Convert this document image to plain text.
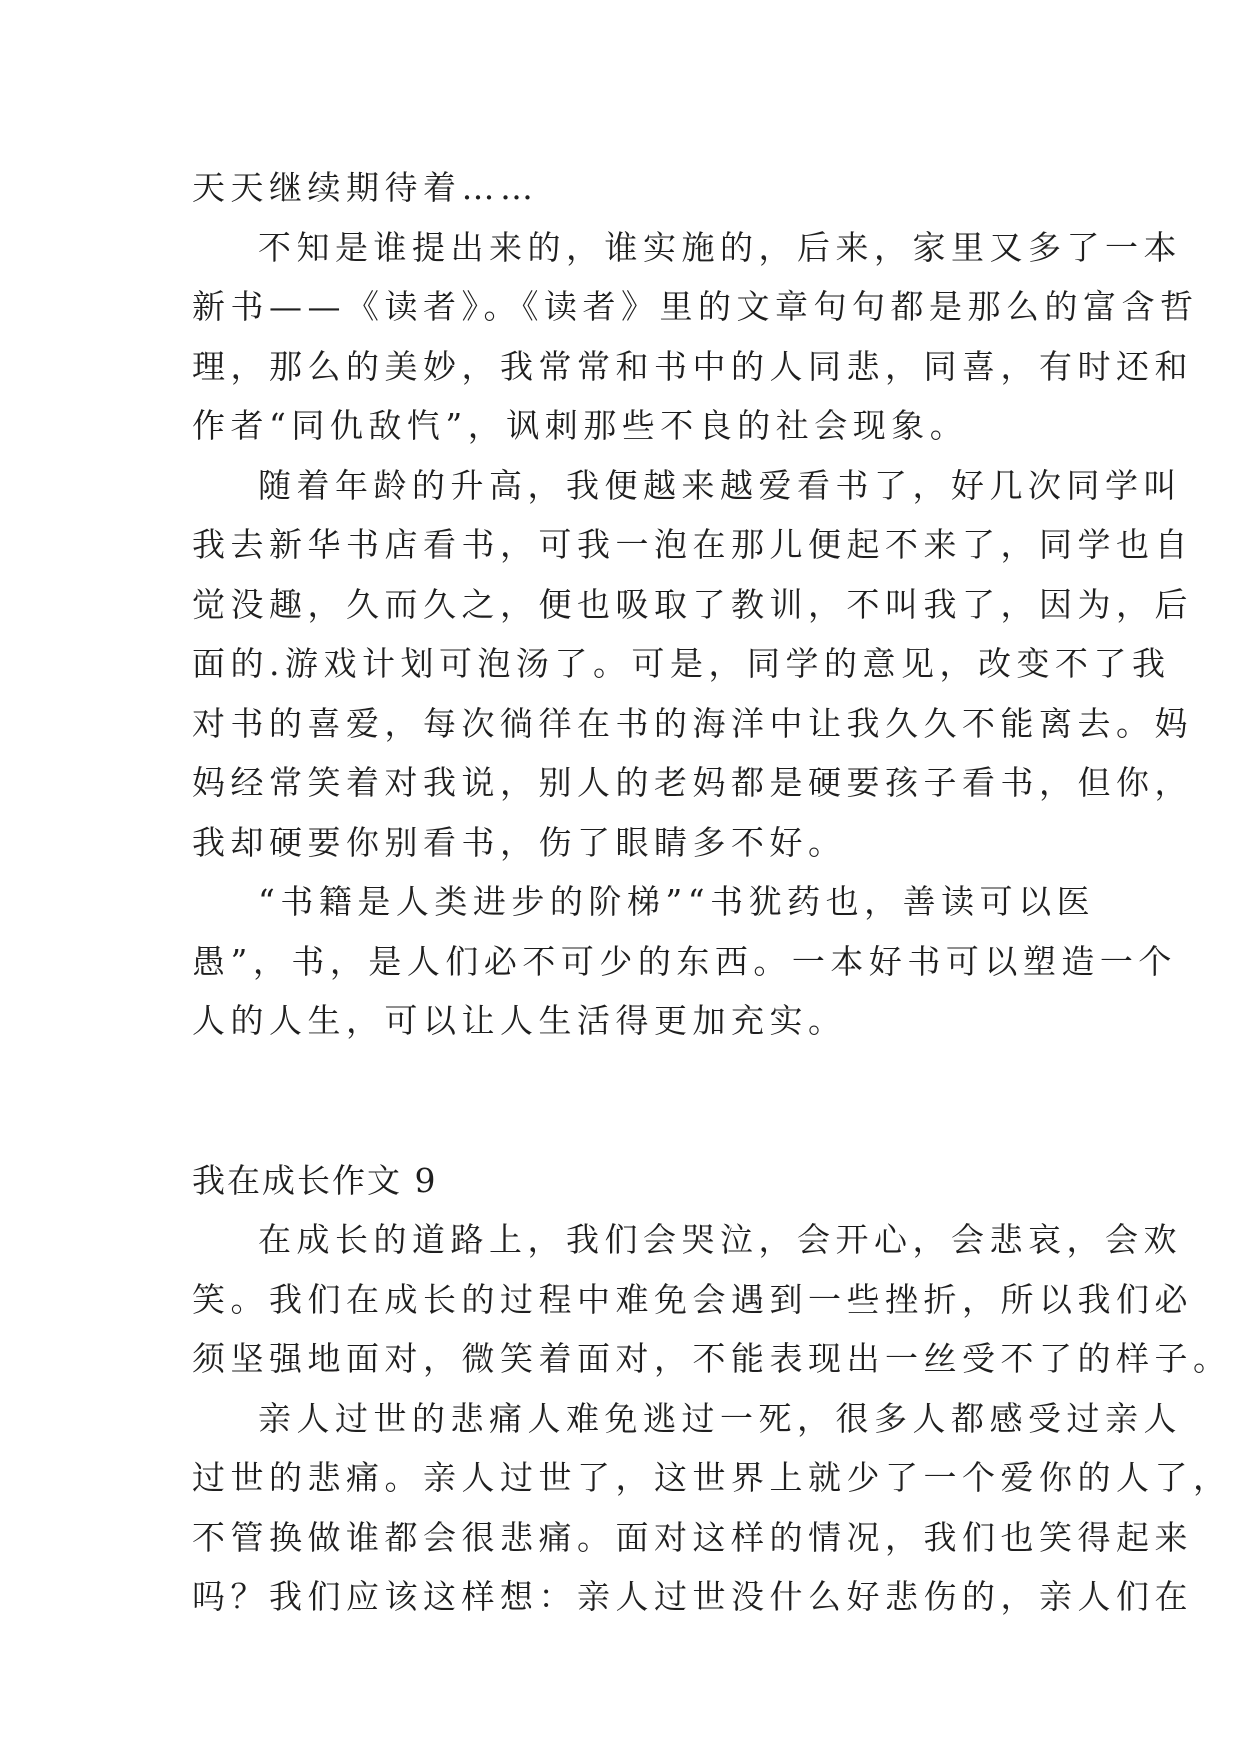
天天继续期待着……
不知是谁提出来的，谁实施的，后来，家里又多了一本
新书——《读者》。《读者》里的文章句句都是那么的富含哲
理，那么的美妙，我常常和书中的人同悲，同喜，有时还和
作者“同仇敌忾”，讽刺那些不良的社会现象。
随着年龄的升高，我便越来越爱看书了，好几次同学叫
我去新华书店看书，可我一泡在那儿便起不来了，同学也自
觉没趣，久而久之，便也吸取了教训，不叫我了，因为，后
面的.游戏计划可泡汤了。可是，同学的意见，改变不了我
对书的喜爱，每次徜徉在书的海洋中让我久久不能离去。妈
妈经常笑着对我说，别人的老妈都是硬要孩子看书，但你，
我却硬要你别看书，伤了眼睛多不好。
“书籍是人类进步的阶梯”“书犹药也，善读可以医
愚”，书，是人们必不可少的东西。一本好书可以塑造一个
人的人生，可以让人生活得更加充实。
我在成长作文 9
在成长的道路上，我们会哭泣，会开心，会悲哀，会欢
笑。我们在成长的过程中难免会遇到一些挫折，所以我们必
须坚强地面对，微笑着面对，不能表现出一丝受不了的样子。
亲人过世的悲痛人难免逃过一死，很多人都感受过亲人
过世的悲痛。亲人过世了，这世界上就少了一个爱你的人了，
不管换做谁都会很悲痛。面对这样的情况，我们也笑得起来
吗？我们应该这样想：亲人过世没什么好悲伤的，亲人们在
